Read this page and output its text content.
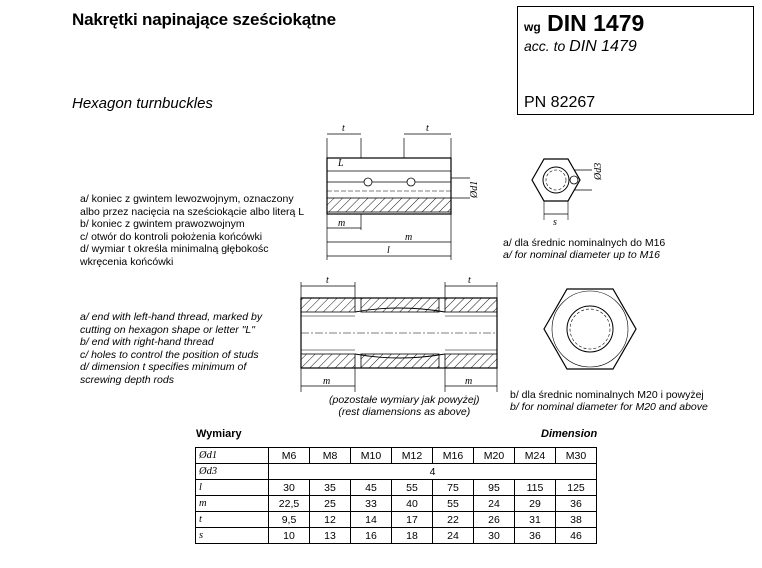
Nakrętki napinające sześciokątne
Hexagon turnbuckles
wg DIN 1479
acc. to DIN 1479
PN 82267
a/ koniec z gwintem lewozwojnym, oznaczony
albo przez nacięcia na sześciokącie albo literą L
b/ koniec z gwintem prawozwojnym
c/ otwór do kontroli położenia końcówki
d/ wymiar t określa minimalną głębokośc
wkręcenia końcówki
a/ end with left-hand thread, marked by
cutting on hexagon shape or letter "L"
b/ end with right-hand thread
c/ holes to control the position of studs
d/ dimension t specifies minimum of
screwing depth rods
t	t
L
Ød1
m
m
l
Ød3
s
a/ dla średnic nominalnych do M16
a/ for nominal diameter up to M16
t	t
m	m
(pozostałe wymiary jak powyżej)
(rest diamensions as above)
b/ dla średnic nominalnych M20 i powyżej
b/ for nominal diameter for M20 and above
Wymiary	Dimension
Ød1	M6	M8	M10	M12	M16	M20	M24	M30
Ød3	4							
l	30	35	45	55	75	95	115	125
m	22,5	25	33	40	55	24	29	36
t	9,5	12	14	17	22	26	31	38
s	10	13	16	18	24	30	36	46
